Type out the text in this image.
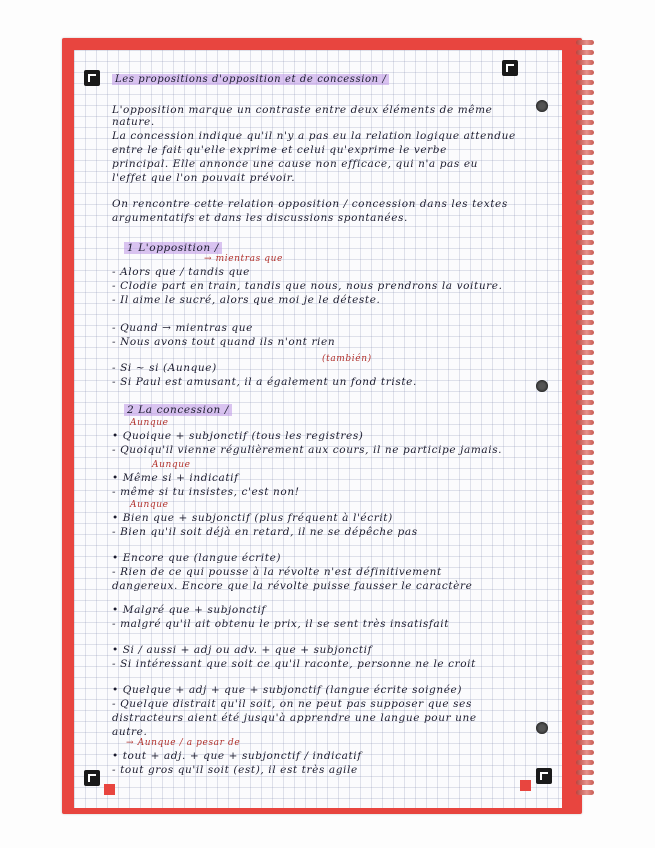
Les propositions d'opposition et de concession /
L'opposition marque un contraste entre deux éléments de même
nature.
La concession indique qu'il n'y a pas eu la relation logique attendue
entre le fait qu'elle exprime et celui qu'exprime le verbe
principal. Elle annonce une cause non efficace, qui n'a pas eu
l'effet que l'on pouvait prévoir.
On rencontre cette relation opposition / concession dans les textes
argumentatifs et dans les discussions spontanées.
1 L'opposition /
→ mientras que
- Alors que / tandis que
- Clodie part en train, tandis que nous, nous prendrons la voiture.
- Il aime le sucré, alors que moi je le déteste.
- Quand → mientras que
- Nous avons tout quand ils n'ont rien
- Si ~ si (Aunque)
(también)
- Si Paul est amusant, il a également un fond triste.
2 La concession /
Aunque
• Quoique + subjonctif (tous les registres)
- Quoiqu'il vienne régulièrement aux cours, il ne participe jamais.
Aunque
• Même si + indicatif
- même si tu insistes, c'est non!
Aunque
• Bien que + subjonctif (plus fréquent à l'écrit)
- Bien qu'il soit déjà en retard, il ne se dépêche pas
• Encore que (langue écrite)
- Rien de ce qui pousse à la révolte n'est définitivement
dangereux. Encore que la révolte puisse fausser le caractère
• Malgré que + subjonctif
- malgré qu'il ait obtenu le prix, il se sent très insatisfait
• Si / aussi + adj ou adv. + que + subjonctif
- Si intéressant que soit ce qu'il raconte, personne ne le croit
• Quelque + adj + que + subjonctif (langue écrite soignée)
- Quelque distrait qu'il soit, on ne peut pas supposer que ses
distracteurs aient été jusqu'à apprendre une langue pour une
autre.
→ Aunque / a pesar de
• tout + adj. + que + subjonctif / indicatif
- tout gros qu'il soit (est), il est très agile
